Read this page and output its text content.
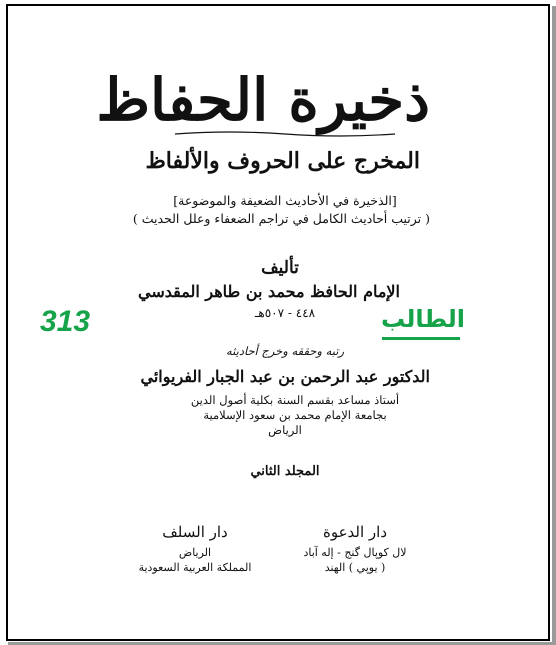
ذخيرة الحفاظ
المخرج على الحروف والألفاظ
[الذخيرة في الأحاديث الضعيفة والموضوعة]
( ترتيب أحاديث الكامل في تراجم الضعفاء وعلل الحديث )
تأليف
الإمام الحافظ محمد بن طاهر المقدسي
٤٤٨ - ٥٠٧هـ
313	الطالب
رتبه وحققه وخرج أحاديثه
الدكتور عبد الرحمن بن عبد الجبار الفريوائي
أستاذ مساعد بقسم السنة بكلية أصول الدين
بجامعة الإمام محمد بن سعود الإسلامية
الرياض
المجلد الثاني
دار الدعوة
لال كوپال گنج - إله آباد
( يوپي ) الهند
دار السلف
الرياض
المملكة العربية السعودية
